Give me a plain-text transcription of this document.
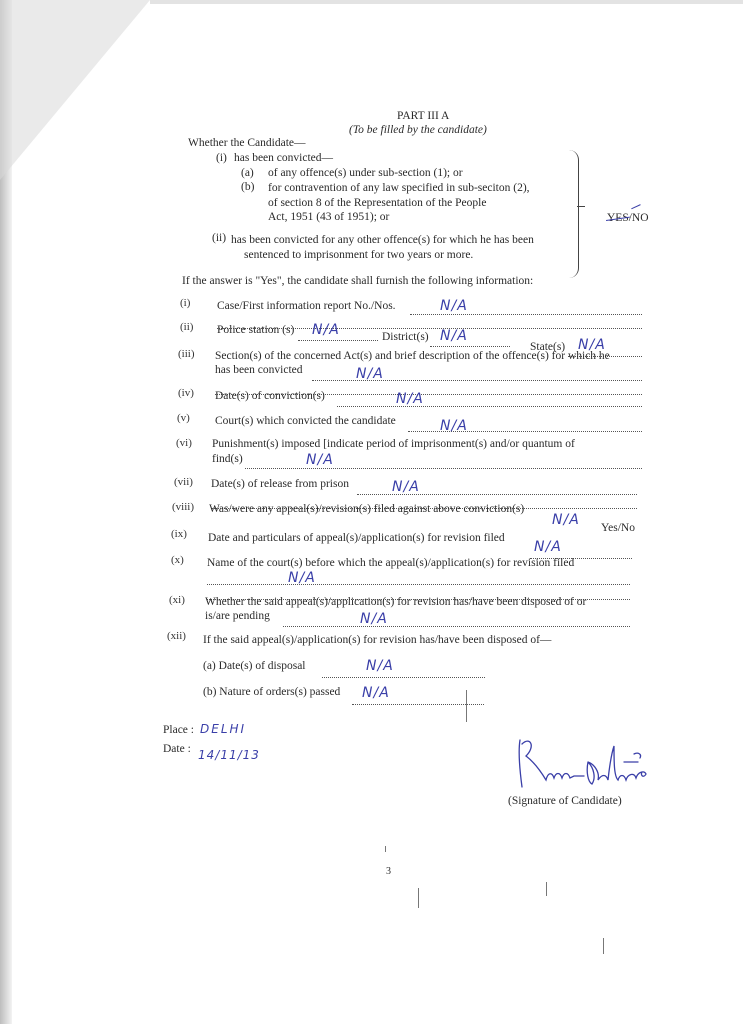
PART III A
(To be filled by the candidate)
Whether the Candidate—
(i) has been convicted—
(a) of any offence(s) under sub-section (1); or
(b) for contravention of any law specified in sub-seciton (2),
of section 8 of the Representation of the People
Act, 1951 (43 of 1951); or
(ii) has been convicted for any other offence(s) for which he has been
sentenced to imprisonment for two years or more.
YES/NO
If the answer is "Yes", the candidate shall furnish the following information:
(i) Case/First information report No./Nos.	N/A
(ii) Police station (s) N/A	District(s) N/A
State(s) N/A
(iii) Section(s) of the concerned Act(s) and brief description of the offence(s) for which he
has been convicted	N/A
(iv) Date(s) of conviction(s)	N/A
(v) Court(s) which convicted the candidate	N/A
(vi) Punishment(s) imposed [indicate period of imprisonment(s) and/or quantum of
find(s)	N/A
(vii) Date(s) of release from prison	N/A
(viii) Was/were any appeal(s)/revision(s) filed against above conviction(s)
N/A Yes/No
(ix) Date and particulars of appeal(s)/application(s) for revision filed
N/A
(x) Name of the court(s) before which the appeal(s)/application(s) for revision filed
N/A
(xi) Whether the said appeal(s)/application(s) for revision has/have been disposed of or
is/are pending	N/A
(xii) If the said appeal(s)/application(s) for revision has/have been disposed of—
(a) Date(s) of disposal	N/A
(b) Nature of orders(s) passed N/A
Place : DELHI
Date : 14/11/13
(Signature of Candidate)
3
